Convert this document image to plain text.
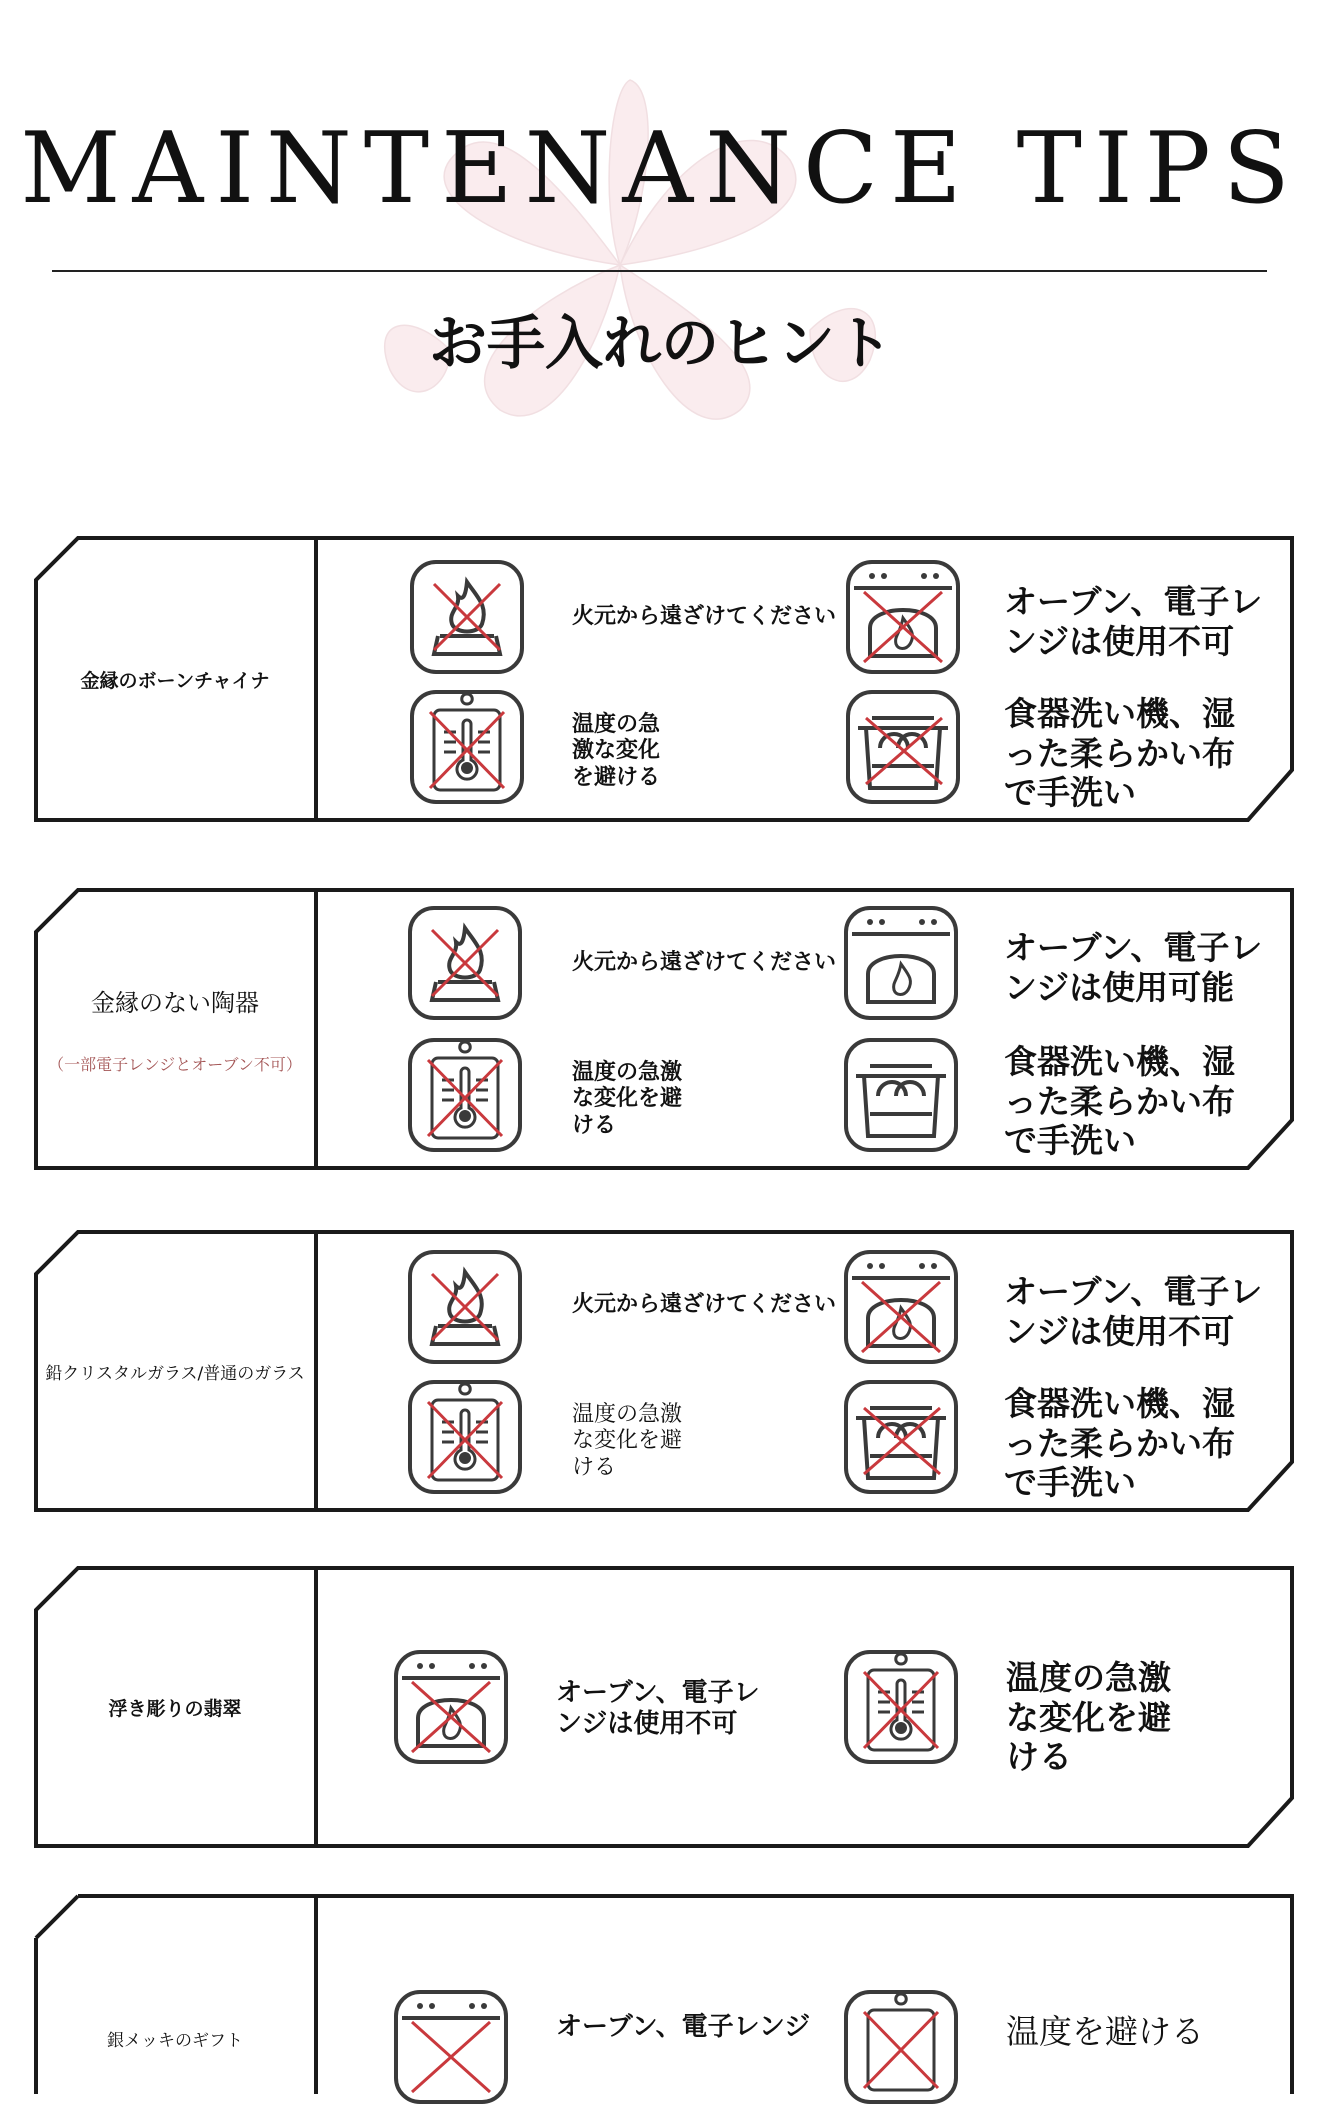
MAINTENANCE TIPS
お手入れのヒント
金縁のボーンチャイナ
火元から遠ざけてください	オーブン、電子レンジは使用不可
温度の急激な変化を避ける
食器洗い機、湿った柔らかい布で手洗い
金縁のない陶器
（一部電子レンジとオーブン不可）
火元から遠ざけてください	オーブン、電子レンジは使用可能
温度の急激な変化を避ける
食器洗い機、湿った柔らかい布で手洗い
鉛クリスタルガラス/普通のガラス
火元から遠ざけてください	オーブン、電子レンジは使用不可
温度の急激な変化を避ける
食器洗い機、湿った柔らかい布で手洗い
浮き彫りの翡翠
オーブン、電子レンジは使用不可
温度の急激な変化を避ける
銀メッキのギフト	オーブン、電子レンジ	温度を避ける
